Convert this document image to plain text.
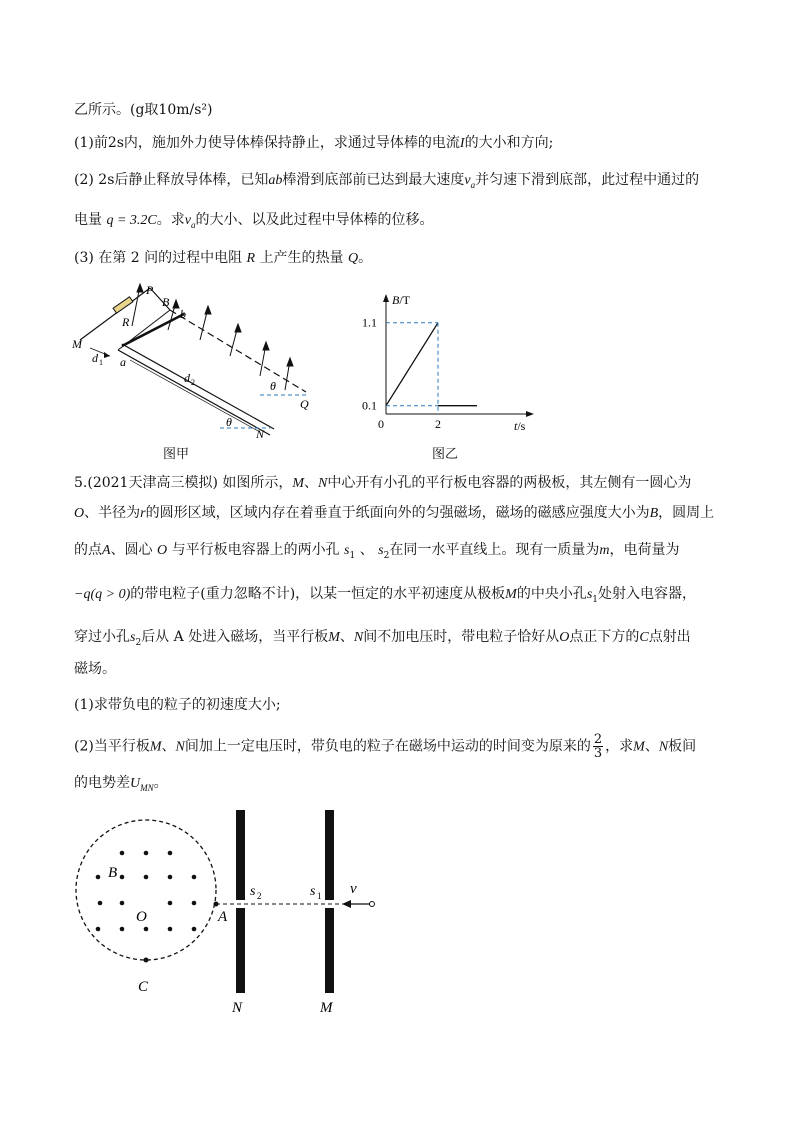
乙所示。(g取10m/s²)
(1)前2s内，施加外力使导体棒保持静止，求通过导体棒的电流I的大小和方向;
(2) 2s后静止释放导体棒，已知ab棒滑到底部前已达到最大速度$v_a$并匀速下滑到底部，此过程中通过的
电量 q = 3.2C。求$v_a$的大小、以及此过程中导体棒的位移。
(3) 在第 2 问的过程中电阻 R 上产生的热量 Q。
P
B
b
R
M
d 1 a
d 2	θ
θ
Q
N
图甲
B/T
t/s
1.1
0.1
0	2
图乙
5.(2021天津高三模拟) 如图所示，M、N中心开有小孔的平行板电容器的两极板，其左侧有一圆心为
O、半径为r的圆形区域，区域内存在着垂直于纸面向外的匀强磁场，磁场的磁感应强度大小为B，圆周上
的点A、圆心 O 与平行板电容器上的两小孔 $s_1$ 、 $s_2$在同一水平直线上。现有一质量为m，电荷量为
−q(q > 0)的带电粒子(重力忽略不计)，以某一恒定的水平初速度从极板M的中央小孔$s_1$处射入电容器，
穿过小孔$s_2$后从 A 处进入磁场，当平行板M、N间不加电压时，带电粒子恰好从O点正下方的C点射出
磁场。
(1)求带负电的粒子的初速度大小;
(2)当平行板M、N间加上一定电压时，带负电的粒子在磁场中运动的时间变为原来的 $\frac{2}{3}$ ，求M、N板间
的电势差$U_{MN}$。
B
O	A
C
s 2	s 1 v
N	M
